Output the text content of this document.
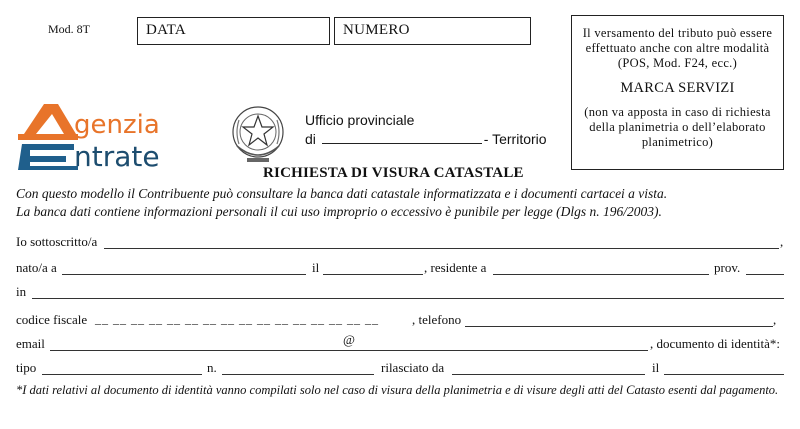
Mod. 8T	DATA	NUMERO	Il versamento del tributo può essere effettuato anche con altre modalità (POS, Mod. F24, ecc.)
MARCA SERVIZI
(non va apposta in caso di richiesta della planimetria o dell’elaborato planimetrico)
genzia
ntrate
Ufficio provinciale
di	- Territorio
RICHIESTA DI VISURA CATASTALE
Con questo modello il Contribuente può consultare la banca dati catastale informatizzata e i documenti cartacei a vista.
La banca dati contiene informazioni personali il cui uso improprio o eccessivo è punibile per legge (Dlgs n. 196/2003).
Io sottoscritto/a	,
nato/a a	il	, residente a	prov.
in
codice fiscale __ __ __ __ __ __ __ __ __ __ __ __ __ __ __ __	, telefono	,
email	@	, documento di identità*:
tipo	n.	rilasciato da	il
*I dati relativi al documento di identità vanno compilati solo nel caso di visura della planimetria e di visure degli atti del Catasto esenti dal pagamento.
